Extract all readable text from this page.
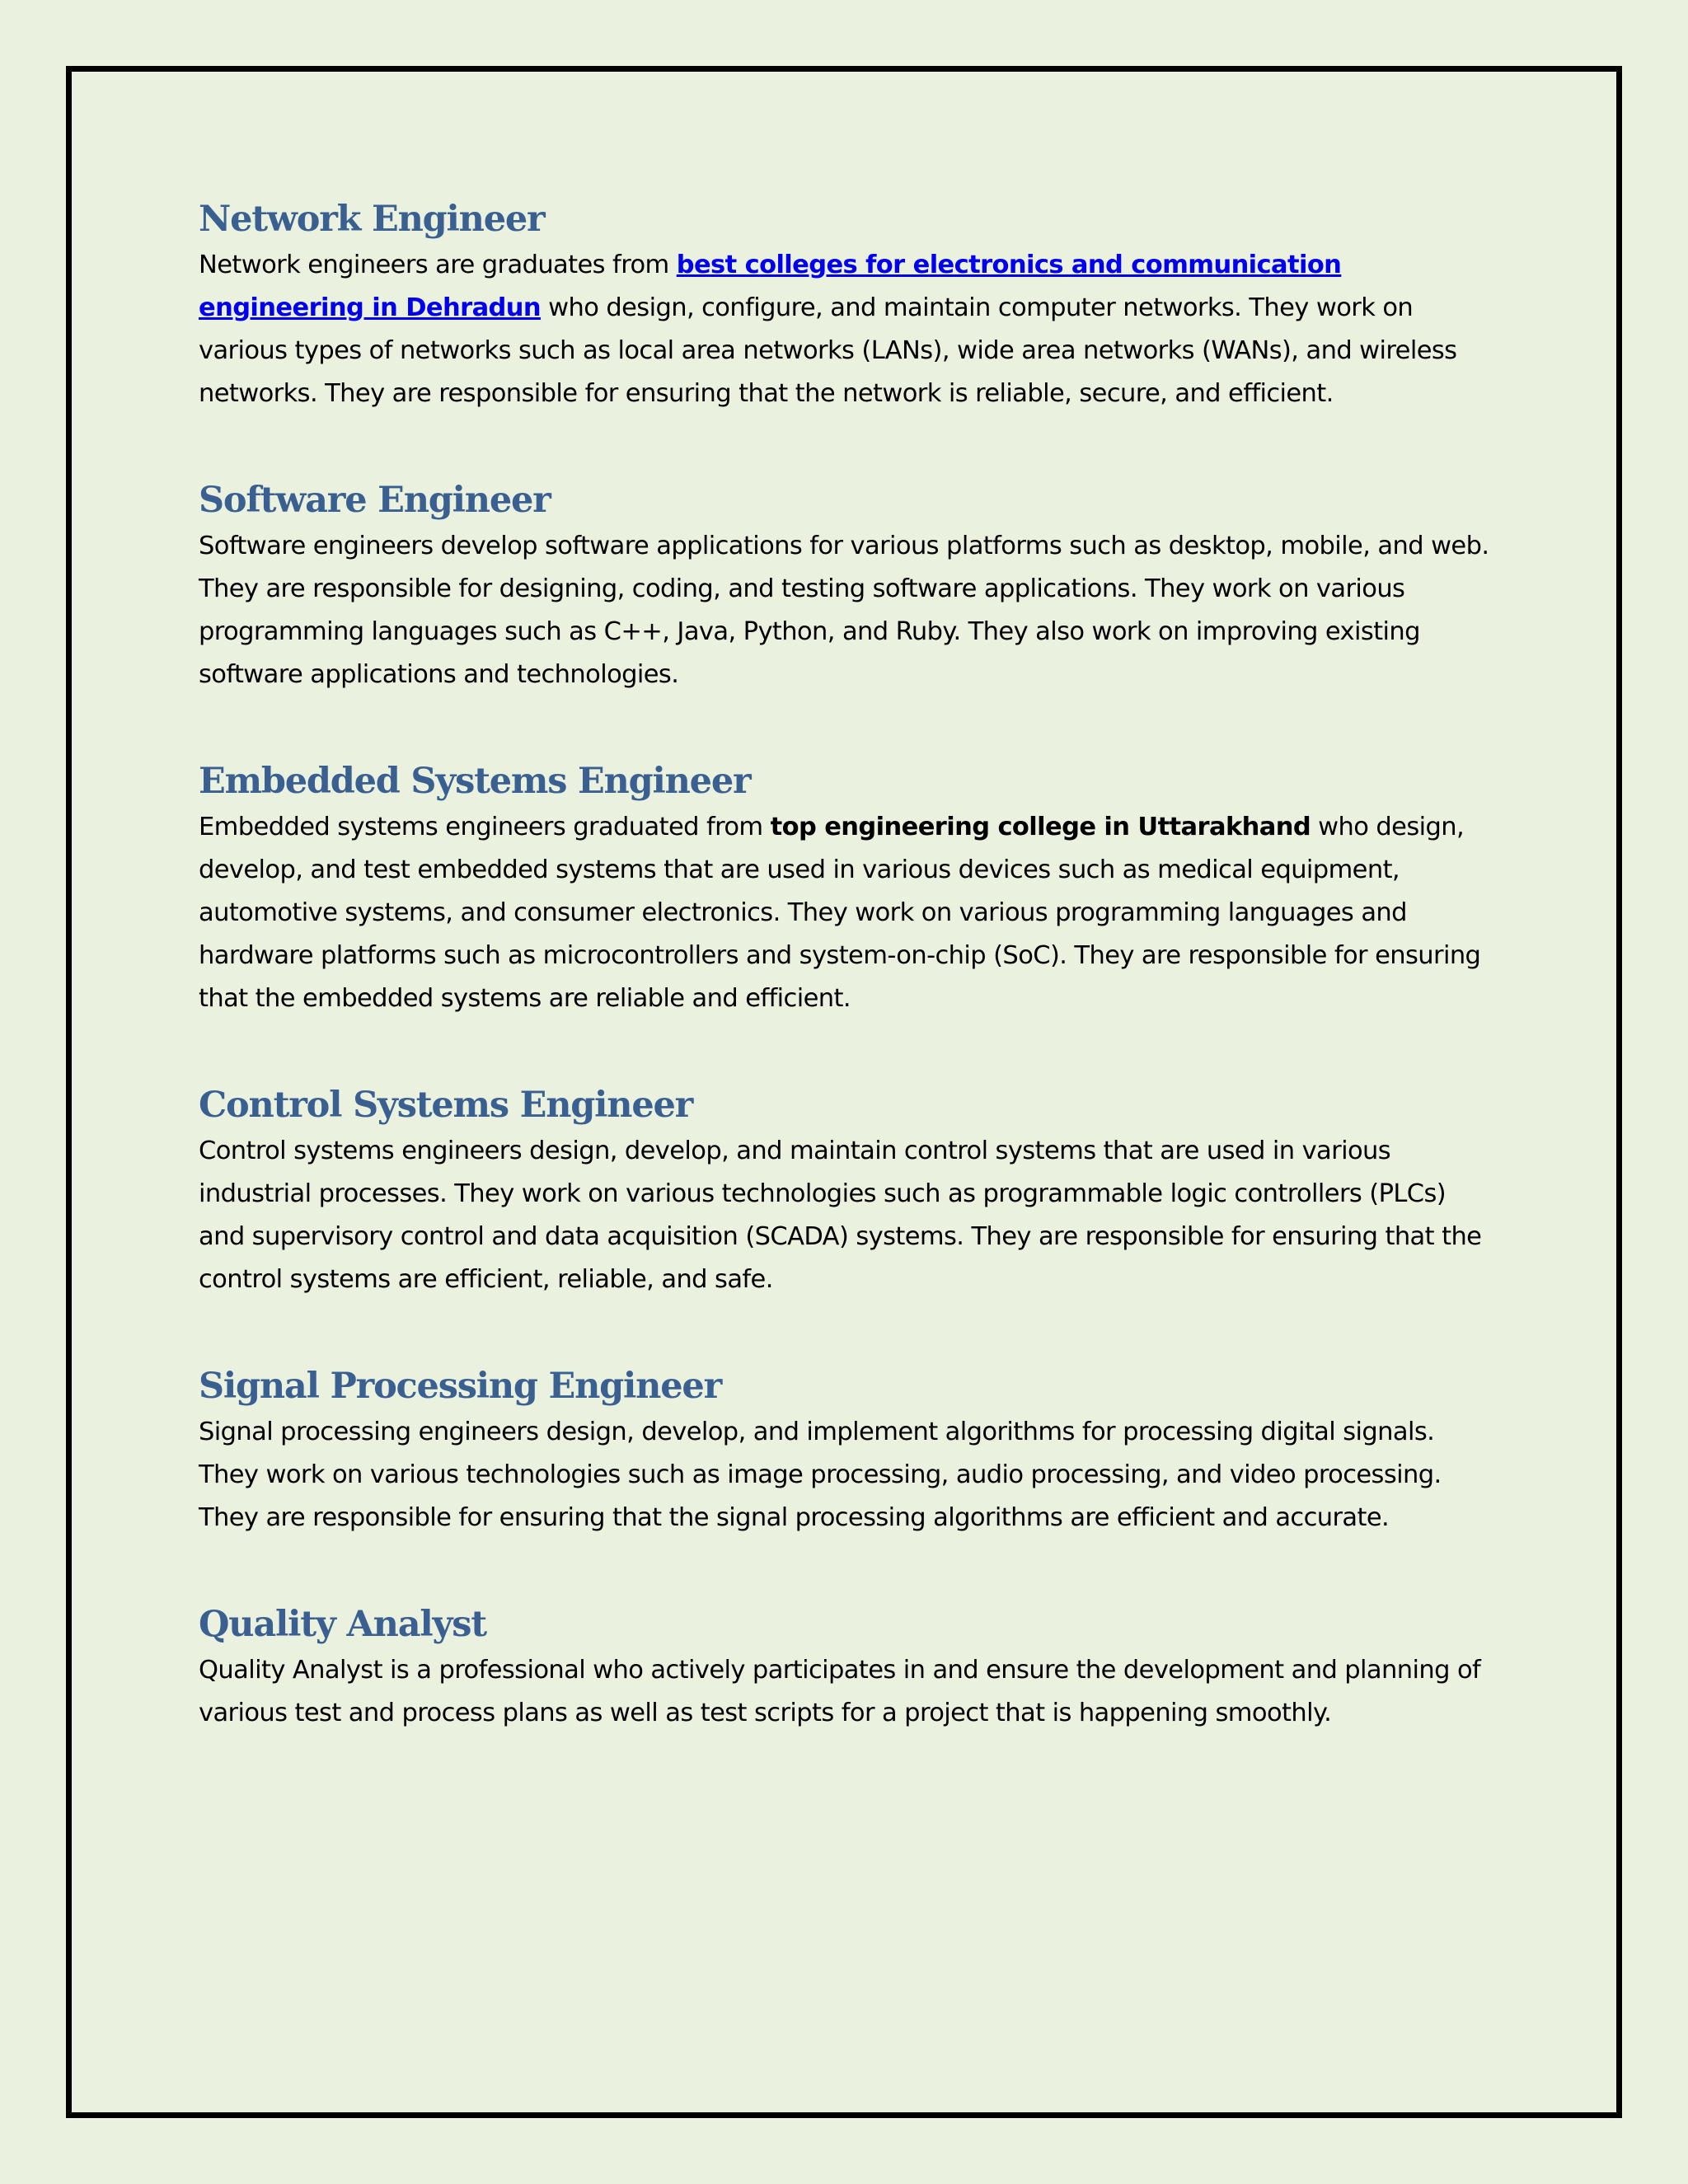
Network Engineer

Network engineers are graduates from best colleges for electronics and communication engineering in Dehradun who design, configure, and maintain computer networks. They work on various types of networks such as local area networks (LANs), wide area networks (WANs), and wireless networks. They are responsible for ensuring that the network is reliable, secure, and efficient.

Software Engineer

Software engineers develop software applications for various platforms such as desktop, mobile, and web. They are responsible for designing, coding, and testing software applications. They work on various programming languages such as C++, Java, Python, and Ruby. They also work on improving existing software applications and technologies.

Embedded Systems Engineer

Embedded systems engineers graduated from top engineering college in Uttarakhand who design, develop, and test embedded systems that are used in various devices such as medical equipment, automotive systems, and consumer electronics. They work on various programming languages and hardware platforms such as microcontrollers and system-on-chip (SoC). They are responsible for ensuring that the embedded systems are reliable and efficient.

Control Systems Engineer

Control systems engineers design, develop, and maintain control systems that are used in various industrial processes. They work on various technologies such as programmable logic controllers (PLCs) and supervisory control and data acquisition (SCADA) systems. They are responsible for ensuring that the control systems are efficient, reliable, and safe.

Signal Processing Engineer

Signal processing engineers design, develop, and implement algorithms for processing digital signals. They work on various technologies such as image processing, audio processing, and video processing. They are responsible for ensuring that the signal processing algorithms are efficient and accurate.

Quality Analyst

Quality Analyst is a professional who actively participates in and ensure the development and planning of various test and process plans as well as test scripts for a project that is happening smoothly.
